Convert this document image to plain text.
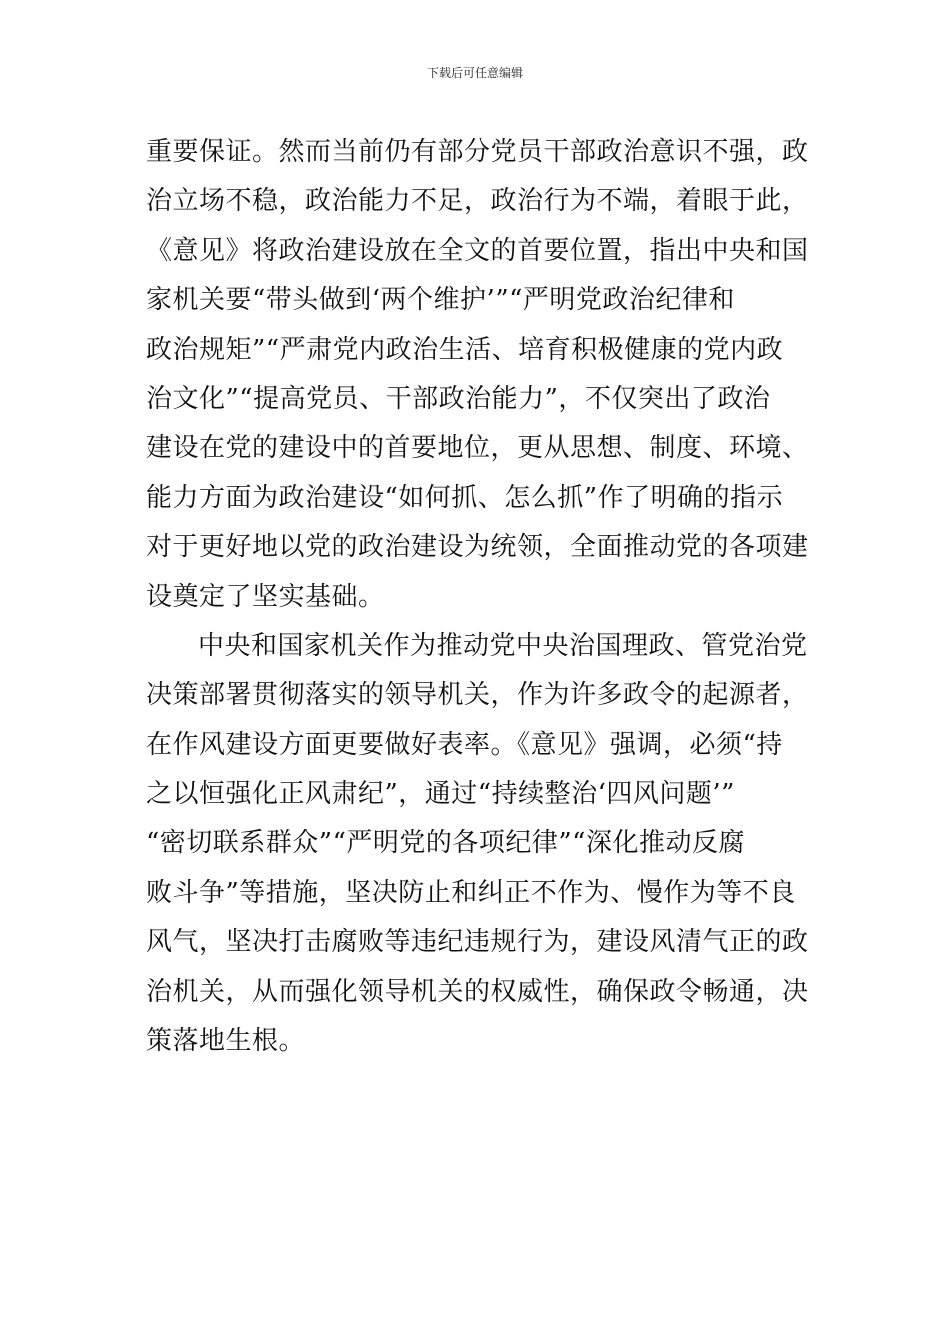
下载后可任意编辑
重要保证。然而当前仍有部分党员干部政治意识不强，政
治立场不稳，政治能力不足，政治行为不端，着眼于此，
《意见》将政治建设放在全文的首要位置，指出中央和国
家机关要“带头做到‘两个维护’”“严明党政治纪律和
政治规矩”“严肃党内政治生活、培育积极健康的党内政
治文化”“提高党员、干部政治能力”，不仅突出了政治
建设在党的建设中的首要地位，更从思想、制度、环境、
能力方面为政治建设“如何抓、怎么抓”作了明确的指示
对于更好地以党的政治建设为统领，全面推动党的各项建
设奠定了坚实基础。
中央和国家机关作为推动党中央治国理政、管党治党
决策部署贯彻落实的领导机关，作为许多政令的起源者，
在作风建设方面更要做好表率。《意见》强调，必须“持
之以恒强化正风肃纪”，通过“持续整治‘四风问题’”
“密切联系群众”“严明党的各项纪律”“深化推动反腐
败斗争”等措施，坚决防止和纠正不作为、慢作为等不良
风气，坚决打击腐败等违纪违规行为，建设风清气正的政
治机关，从而强化领导机关的权威性，确保政令畅通，决
策落地生根。
